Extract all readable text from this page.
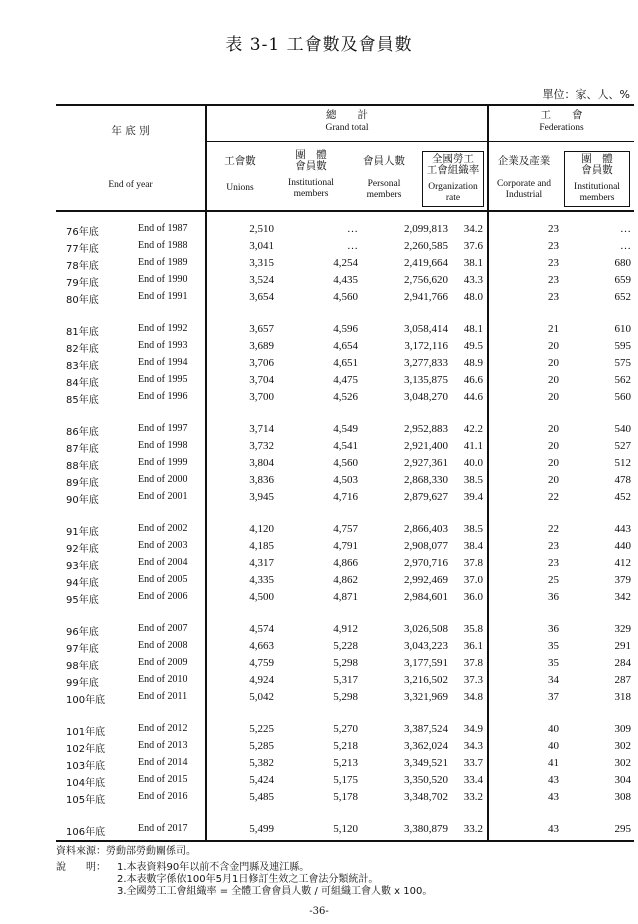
表 3-1 工會數及會員數
單位：家、人、%
年 底 別
End of year
總　　計
Grand total
工　　會
Federations
工會數
Unions
團　體
會員數
Institutional
members
會員人數
Personal
members
全國勞工
工會組織率
Organization
rate
企業及產業
Corporate and
Industrial
團　體
會員數
Institutional
members
76年底	End of 1987	2,510	…	2,099,813 34.2	23	…
77年底	End of 1988	3,041	…	2,260,585 37.6	23	…
78年底	End of 1989	3,315	4,254	2,419,664 38.1	23	680
79年底	End of 1990	3,524	4,435	2,756,620 43.3	23	659
80年底	End of 1991	3,654	4,560	2,941,766 48.0	23	652
81年底	End of 1992	3,657	4,596	3,058,414 48.1	21	610
82年底	End of 1993	3,689	4,654	3,172,116 49.5	20	595
83年底	End of 1994	3,706	4,651	3,277,833 48.9	20	575
84年底	End of 1995	3,704	4,475	3,135,875 46.6	20	562
85年底	End of 1996	3,700	4,526	3,048,270 44.6	20	560
86年底	End of 1997	3,714	4,549	2,952,883 42.2	20	540
87年底	End of 1998	3,732	4,541	2,921,400 41.1	20	527
88年底	End of 1999	3,804	4,560	2,927,361 40.0	20	512
89年底	End of 2000	3,836	4,503	2,868,330 38.5	20	478
90年底	End of 2001	3,945	4,716	2,879,627 39.4	22	452
91年底	End of 2002	4,120	4,757	2,866,403 38.5	22	443
92年底	End of 2003	4,185	4,791	2,908,077 38.4	23	440
93年底	End of 2004	4,317	4,866	2,970,716 37.8	23	412
94年底	End of 2005	4,335	4,862	2,992,469 37.0	25	379
95年底	End of 2006	4,500	4,871	2,984,601 36.0	36	342
96年底	End of 2007	4,574	4,912	3,026,508 35.8	36	329
97年底	End of 2008	4,663	5,228	3,043,223 36.1	35	291
98年底	End of 2009	4,759	5,298	3,177,591 37.8	35	284
99年底	End of 2010	4,924	5,317	3,216,502 37.3	34	287
100年底	End of 2011	5,042	5,298	3,321,969 34.8	37	318
101年底	End of 2012	5,225	5,270	3,387,524 34.9	40	309
102年底	End of 2013	5,285	5,218	3,362,024 34.3	40	302
103年底	End of 2014	5,382	5,213	3,349,521 33.7	41	302
104年底	End of 2015	5,424	5,175	3,350,520 33.4	43	304
105年底	End of 2016	5,485	5,178	3,348,702 33.2	43	308
106年底	End of 2017	5,499	5,120	3,380,879 33.2	43	295
資料來源：勞動部勞動關係司。
說　　明： 1.本表資料90年以前不含金門縣及連江縣。
2.本表數字係依100年5月1日修訂生效之工會法分類統計。
3.全國勞工工會組織率 = 全體工會會員人數 / 可組織工會人數 x 100。
-36-
